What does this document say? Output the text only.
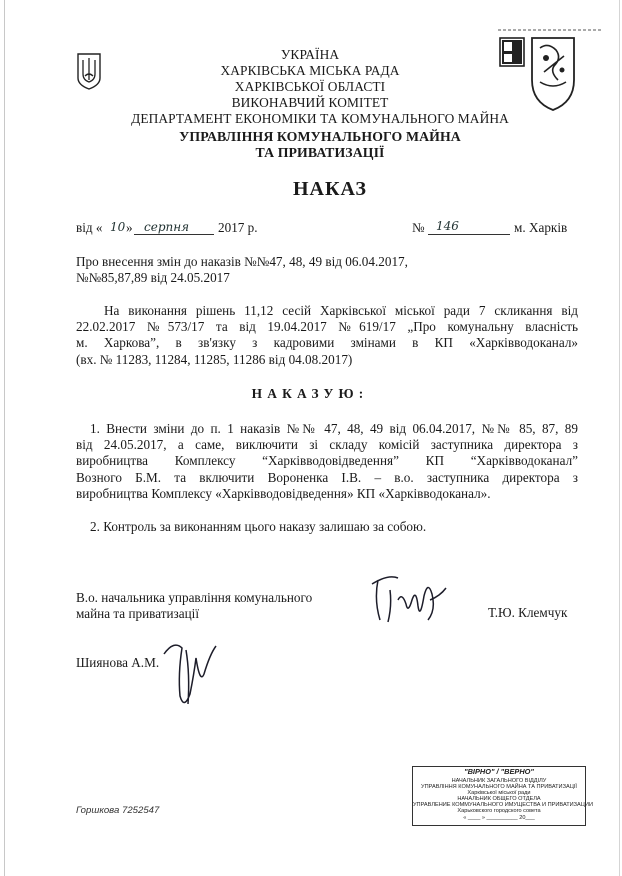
УКРАЇНА
ХАРКІВСЬКА МІСЬКА РАДА
ХАРКІВСЬКОЇ ОБЛАСТІ
ВИКОНАВЧИЙ КОМІТЕТ
ДЕПАРТАМЕНТ ЕКОНОМІКИ ТА КОМУНАЛЬНОГО МАЙНА
УПРАВЛІННЯ КОМУНАЛЬНОГО МАЙНА
ТА ПРИВАТИЗАЦІЇ
НАКАЗ
від « 10 » серпня 2017 р.	№ 146	м. Харків
Про внесення змін до наказів №№47, 48, 49 від 06.04.2017,
№№85,87,89 від 24.05.2017
На виконання рішень 11,12 сесій Харківської міської ради 7 скликання від
22.02.2017 №573/17 та від 19.04.2017 №619/17 „Про комунальну власність
м. Харкова”, в зв'язку з кадровими змінами в КП «Харківводоканал»
(вх. № 11283, 11284, 11285, 11286 від 04.08.2017)
НАКАЗУЮ:
1. Внести зміни до п. 1 наказів №№ 47, 48, 49 від 06.04.2017, №№ 85, 87, 89
від 24.05.2017, а саме, виключити зі складу комісій заступника директора з
виробництва Комплексу “Харківводовідведення” КП “Харківводоканал”
Возного Б.М. та включити Вороненка І.В. – в.о. заступника директора з
виробництва Комплексу «Харківводовідведення» КП «Харківводоканал».
2. Контроль за виконанням цього наказу залишаю за собою.
В.о. начальника управління комунального
майна та приватизації	Т.Ю. Клемчук
Шиянова А.М.
"ВІРНО" / "ВЕРНО"
НАЧАЛЬНИК ЗАГАЛЬНОГО ВІДДІЛУ
УПРАВЛІННЯ КОМУНАЛЬНОГО МАЙНА ТА ПРИВАТИЗАЦІЇ
Харківської міської ради
НАЧАЛЬНИК ОБЩЕГО ОТДЕЛА
УПРАВЛЕНИЕ КОММУНАЛЬНОГО ИМУЩЕСТВА И ПРИВАТИЗАЦИИ
Харьковского городского совета
« ____ » __________ 20___
Горшкова 7252547
